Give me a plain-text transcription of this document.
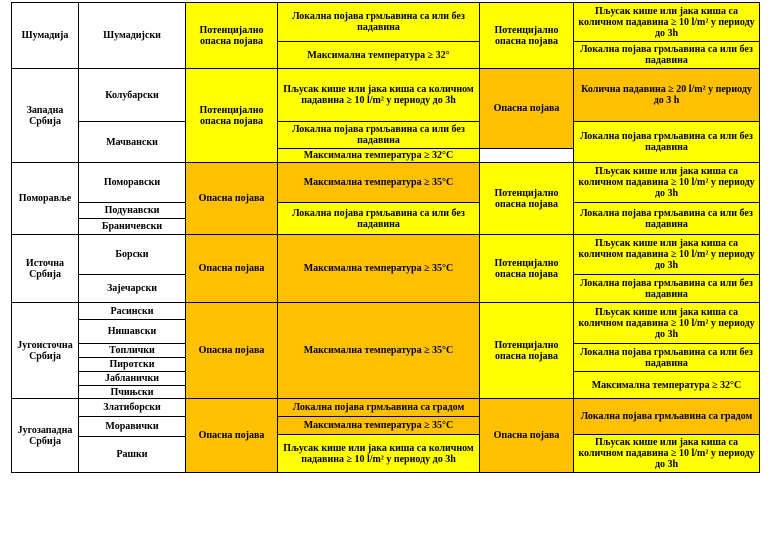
Шумадија	Шумадијски	Потенцијално опасна појава	Локална појава грмљавина са или без падавина	Потенцијално опасна појава	Пљусак кише или јака киша са количном падавина ≥ 10 l/m² у периоду до 3h
			Максимална температура ≥ 32°		Локална појава грмљавина са или без падавина
Западна Србија	Колубарски	Потенцијално опасна појава	Пљусак кише или јака киша са количном падавина ≥ 10 l/m² у периоду до 3h	Опасна појава	Колична падавина ≥ 20 l/m² у периоду до 3 h
	Мачвански		Локална појава грмљавина са или без падавина		Локална појава грмљавина са или без падавина
			Максимална температура ≥ 32°C	
Поморавље	Поморавски	Опасна појава	Максимална температура ≥ 35°C	Потенцијално опасна појава	Пљусак кише или јака киша са количном падавина ≥ 10 l/m² у периоду до 3h
	Подунавски		Локална појава грмљавина са или без падавина		Локална појава грмљавина са или без падавина
	Браничевски				
Источна Србија	Борски	Опасна појава	Максимална температура ≥ 35°C	Потенцијално опасна појава	Пљусак кише или јака киша са количном падавина ≥ 10 l/m² у периоду до 3h
	Зајечарски				Локална појава грмљавина са или без падавина
Југоисточна Србија	Расински	Опасна појава	Максимална температура ≥ 35°C	Потенцијално опасна појава	Пљусак кише или јака киша са количном падавина ≥ 10 l/m² у периоду до 3h
	Нишавски				
	Топлички				Локална појава грмљавина са или без падавина
	Пиротски				
	Јабланички				Максимална температура ≥ 32°C
	Пчињски				
Југозападна Србија	Златиборски	Опасна појава	Локална појава грмљавина са градом	Опасна појава	Локална појава грмљавина са градом
	Моравички		Максимална температура ≥ 35°C		
			Пљусак кише или јака киша са количном падавина ≥ 10 l/m² у периоду до 3h		Пљусак кише или јака киша са количном падавина ≥ 10 l/m² у периоду до 3h
	Рашки				
